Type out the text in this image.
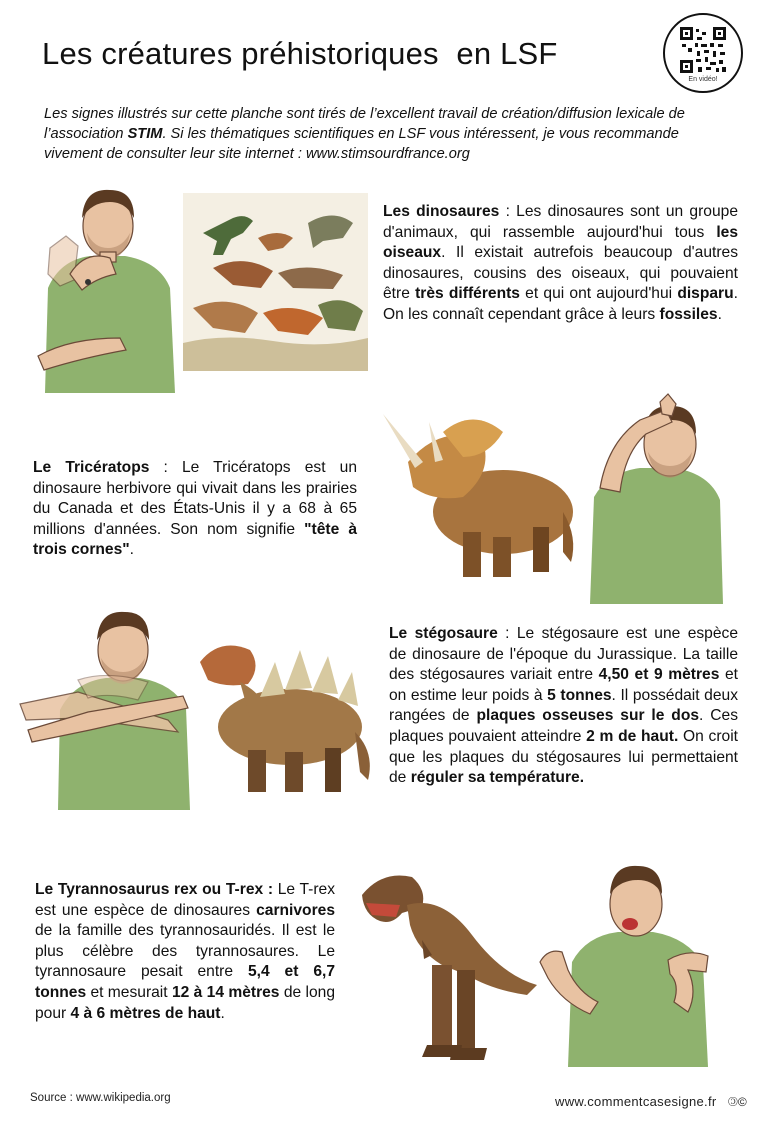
Les créatures préhistoriques  en LSF
En vidéo!

Les signes illustrés sur cette planche sont tirés de l’excellent travail de création/diffusion lexicale de l’association STIM. Si les thématiques scientifiques en LSF vous intéressent, je vous recommande vivement de consulter leur site internet : www.stimsourdfrance.org

Les dinosaures : Les dinosaures sont un groupe d'animaux, qui rassemble aujourd'hui tous les oiseaux. Il existait autrefois beaucoup d'autres dinosaures, cousins des oiseaux, qui pouvaient être très différents et qui ont aujourd'hui disparu. On les connaît cependant grâce à leurs fossiles.

Le Tricératops : Le Tricératops est un dinosaure herbivore qui vivait dans les prairies du Canada et des États-Unis il y a 68 à 65 millions d'années. Son nom signifie "tête à trois cornes".

Le stégosaure : Le stégosaure est une espèce de dinosaure de l'époque du Jurassique. La taille des stégosaures variait entre 4,50 et 9 mètres et on estime leur poids à 5 tonnes. Il possédait deux rangées de plaques osseuses sur le dos. Ces plaques pouvaient atteindre 2 m de haut. On croit que les plaques du stégosaures lui permettaient de réguler sa température.

Le Tyrannosaurus rex ou T-rex : Le T-rex est une espèce de dinosaures carnivores de la famille des tyrannosauridés. Il est le plus célèbre des tyrannosaures. Le tyrannosaure pesait entre 5,4 et 6,7 tonnes et mesurait 12 à 14 mètres de long pour 4 à 6 mètres de haut.

Source : www.wikipedia.org	www.commentcasesigne.fr 🄯©
